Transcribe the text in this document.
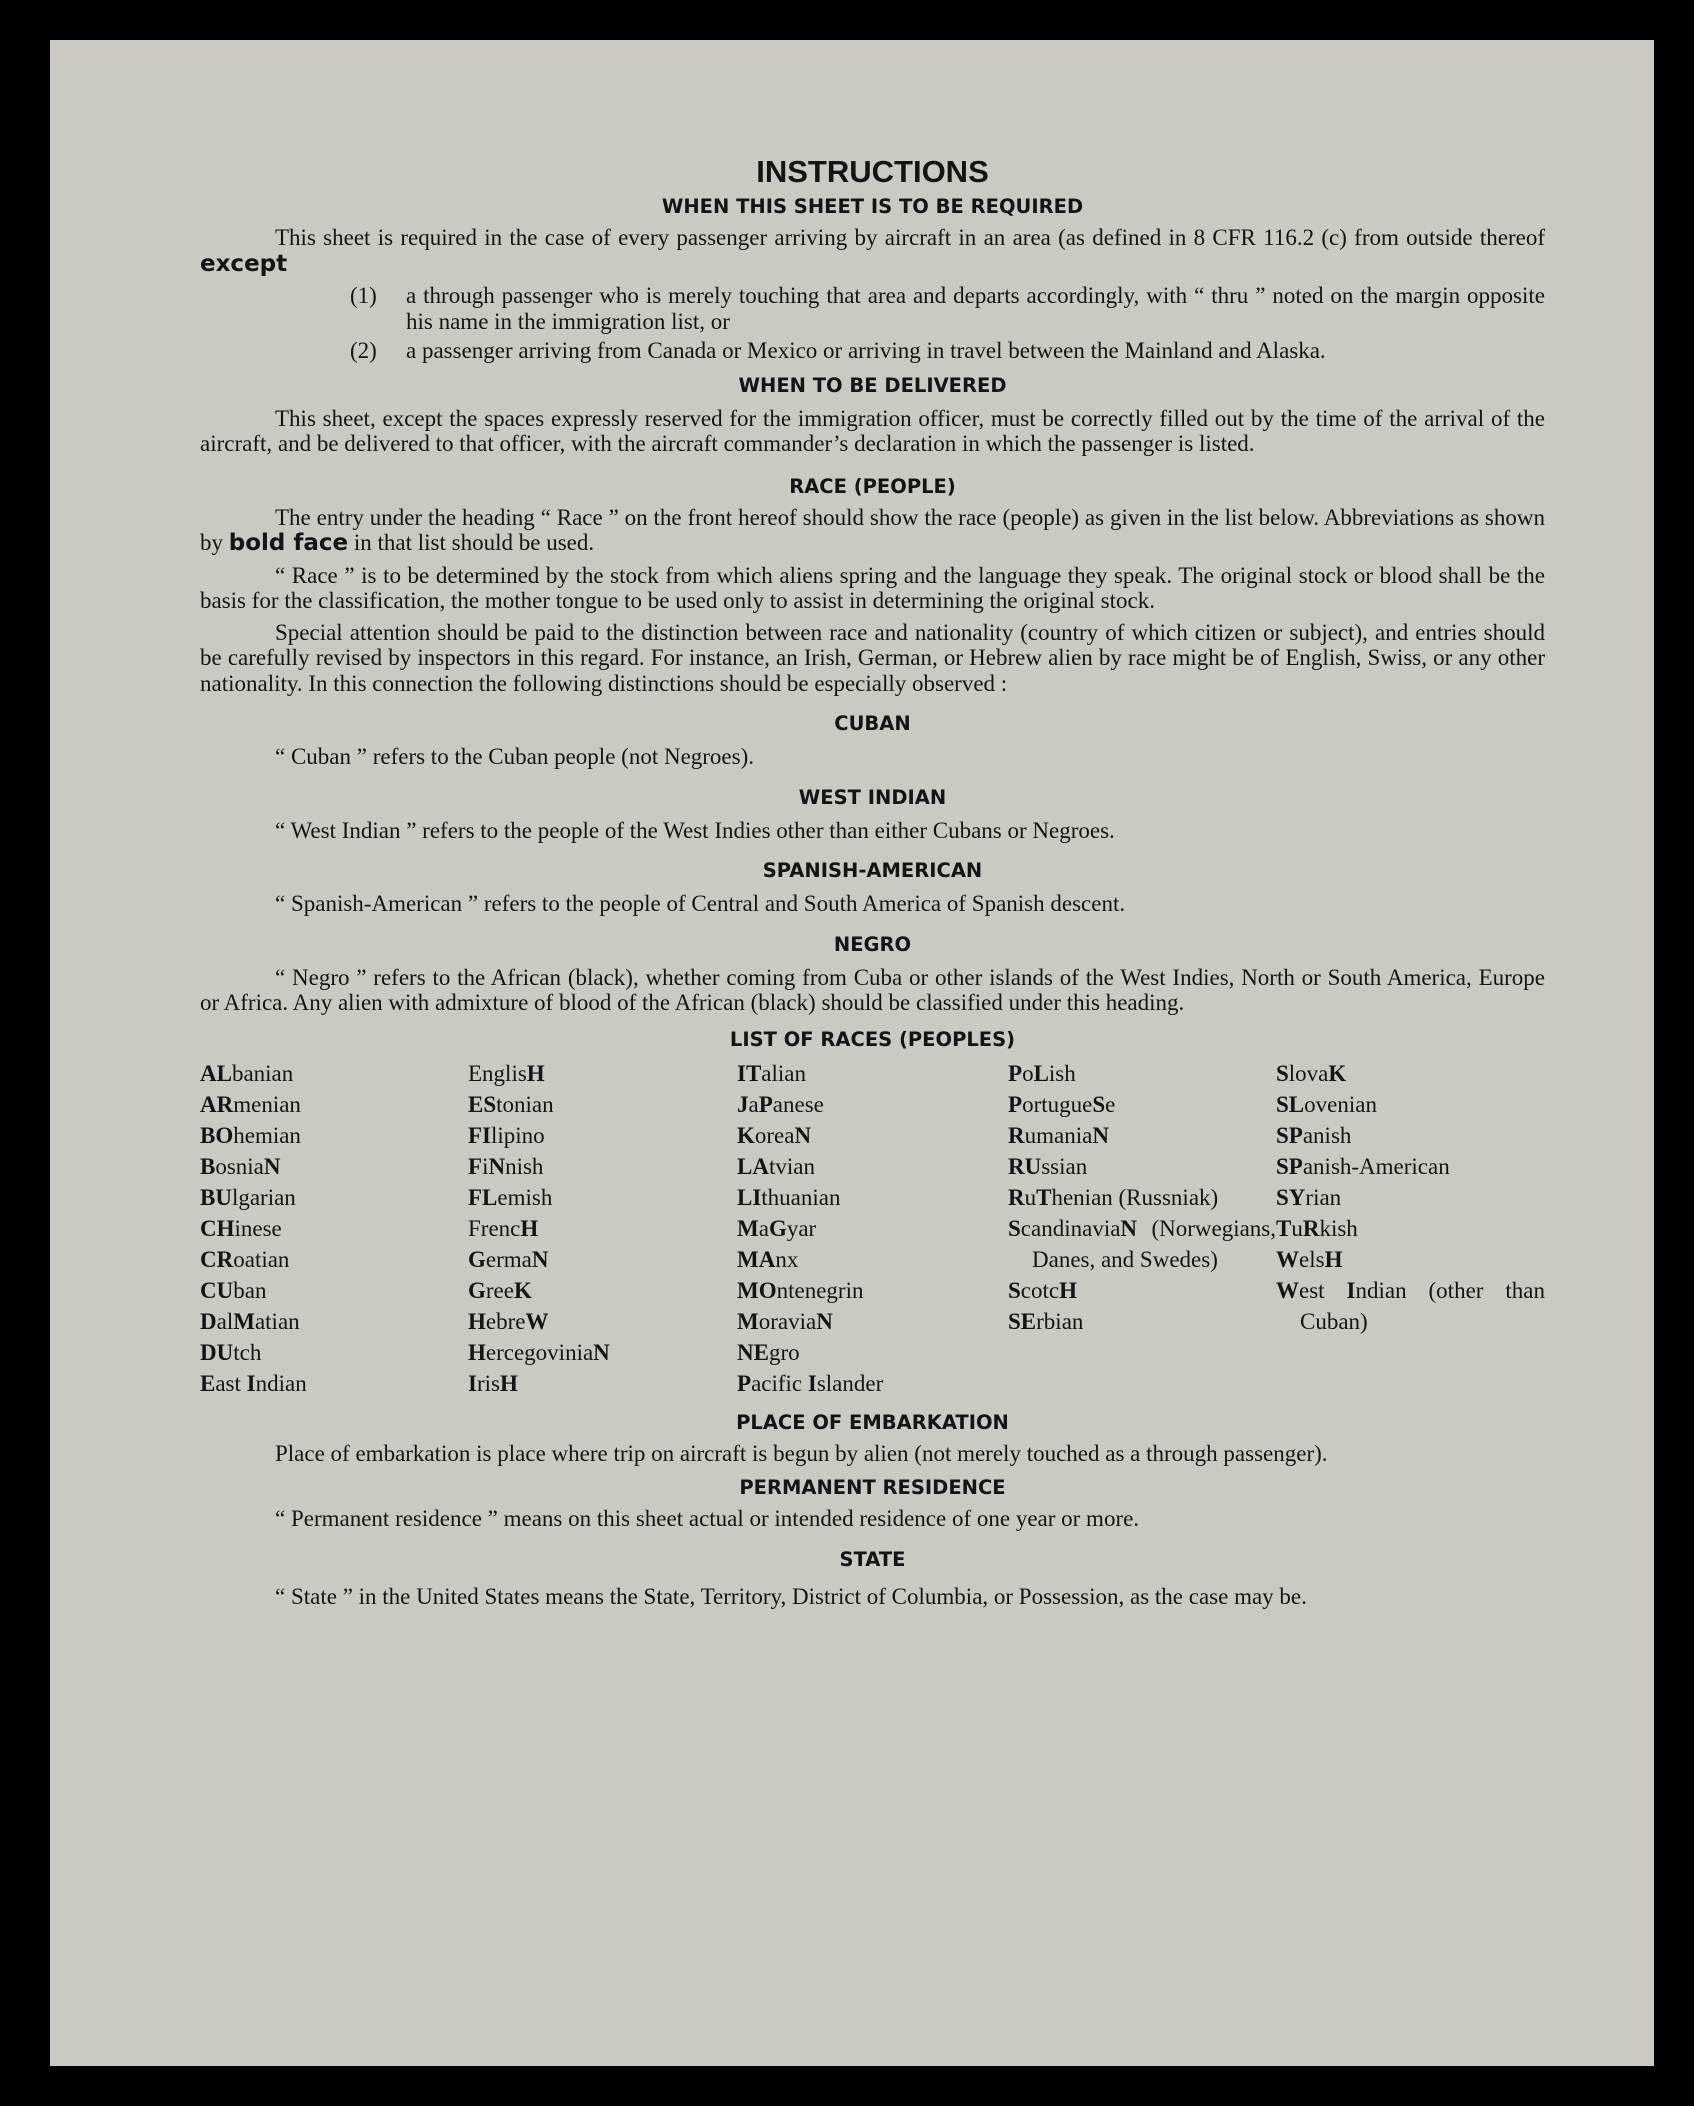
INSTRUCTIONS
WHEN THIS SHEET IS TO BE REQUIRED

This sheet is required in the case of every passenger arriving by aircraft in an area (as defined in 8 CFR 116.2 (c) from outside thereof except

(1)	a through passenger who is merely touching that area and departs accordingly, with “ thru ” noted on the margin opposite his name in the immigration list, or
(2)	a passenger arriving from Canada or Mexico or arriving in travel between the Mainland and Alaska.
WHEN TO BE DELIVERED

This sheet, except the spaces expressly reserved for the immigration officer, must be correctly filled out by the time of the arrival of the aircraft, and be delivered to that officer, with the aircraft commander’s declaration in which the passenger is listed.

RACE (PEOPLE)

The entry under the heading “ Race ” on the front hereof should show the race (people) as given in the list below. Abbreviations as shown by bold face in that list should be used.

“ Race ” is to be determined by the stock from which aliens spring and the language they speak. The original stock or blood shall be the basis for the classification, the mother tongue to be used only to assist in determining the original stock.

Special attention should be paid to the distinction between race and nationality (country of which citizen or subject), and entries should be carefully revised by inspectors in this regard. For instance, an Irish, German, or Hebrew alien by race might be of English, Swiss, or any other nationality. In this connection the following distinctions should be especially observed :

CUBAN

“ Cuban ” refers to the Cuban people (not Negroes).

WEST INDIAN

“ West Indian ” refers to the people of the West Indies other than either Cubans or Negroes.

SPANISH-AMERICAN

“ Spanish-American ” refers to the people of Central and South America of Spanish descent.

NEGRO

“ Negro ” refers to the African (black), whether coming from Cuba or other islands of the West Indies, North or South America, Europe or Africa. Any alien with admixture of blood of the African (black) should be classified under this heading.

LIST OF RACES (PEOPLES)
ALbanian
ARmenian
BOhemian
BosniaN
BUlgarian
CHinese
CRoatian
CUban
DalMatian
DUtch
East Indian
EnglisH
EStonian
FIlipino
FiNnish
FLemish
FrencH
GermaN
GreeK
HebreW
HercegoviniaN
IrisH
ITalian
JaPanese
KoreaN
LAtvian
LIthuanian
MaGyar
MAnx
MOntenegrin
MoraviaN
NEgro
Pacific Islander
PoLish
PortugueSe
RumaniaN
RUssian
RuThenian (Russniak)
ScandinaviaN (Norwegians, Danes, and Swedes)
ScotcH
SErbian
SlovaK
SLovenian
SPanish
SPanish-American
SYrian
TuRkish
WelsH
West Indian (other than Cuban)
PLACE OF EMBARKATION

Place of embarkation is place where trip on aircraft is begun by alien (not merely touched as a through passenger).

PERMANENT RESIDENCE

“ Permanent residence ” means on this sheet actual or intended residence of one year or more.

STATE

“ State ” in the United States means the State, Territory, District of Columbia, or Possession, as the case may be.
